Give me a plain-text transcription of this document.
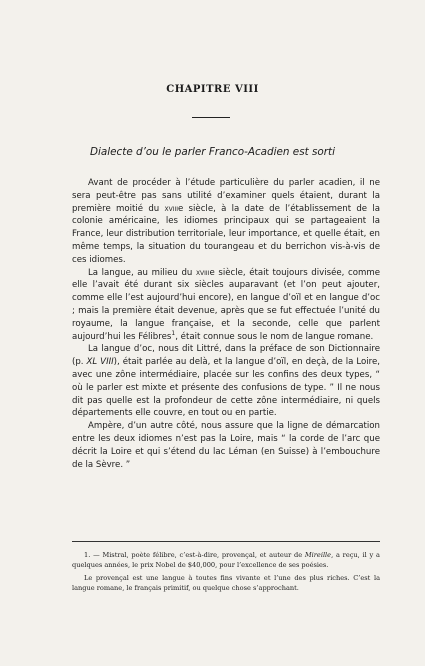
CHAPITRE VIII
Dialecte d’ou le parler Franco-Acadien est sorti

Avant de procéder à l’étude particulière du parler acadien, il ne sera peut-être pas sans utilité d’examiner quels étaient, durant la première moitié du xviiie siècle, à la date de l’établissement de la colonie américaine, les idiomes principaux qui se partageaient la France, leur distribution territoriale, leur importance, et quelle était, en même temps, la situation du tourangeau et du berrichon vis-à-vis de ces idiomes.

La langue, au milieu du xviiie siècle, était toujours divisée, comme elle l’avait été durant six siècles auparavant (et l’on peut ajouter, comme elle l’est aujourd’hui encore), en langue d’oïl et en langue d’oc ; mais la première était devenue, après que se fut effectuée l’unité du royaume, la langue française, et la seconde, celle que parlent aujourd’hui les Félibres$^1$, était connue sous le nom de langue romane.

La langue d’oc, nous dit Littré, dans la préface de son Dictionnaire (p. XL VIII), était parlée au delà, et la langue d’oïl, en deçà, de la Loire, avec une zône intermédiaire, placée sur les confins des deux types, “ où le parler est mixte et présente des confusions de type. ” Il ne nous dit pas quelle est la profondeur de cette zône intermédiaire, ni quels départements elle couvre, en tout ou en partie.

Ampère, d’un autre côté, nous assure que la ligne de démarcation entre les deux idiomes n’est pas la Loire, mais “ la corde de l’arc que décrit la Loire et qui s’étend du lac Léman (en Suisse) à l’embouchure de la Sèvre. ”

1. — Mistral, poète félibre, c’est-à-dire, provençal, et auteur de Mireille, a reçu, il y a quelques années, le prix Nobel de $40,000, pour l’excellence de ses poésies.

Le provençal est une langue à toutes fins vivante et l’une des plus riches. C’est la langue romane, le français primitif, ou quelque chose s’approchant.
